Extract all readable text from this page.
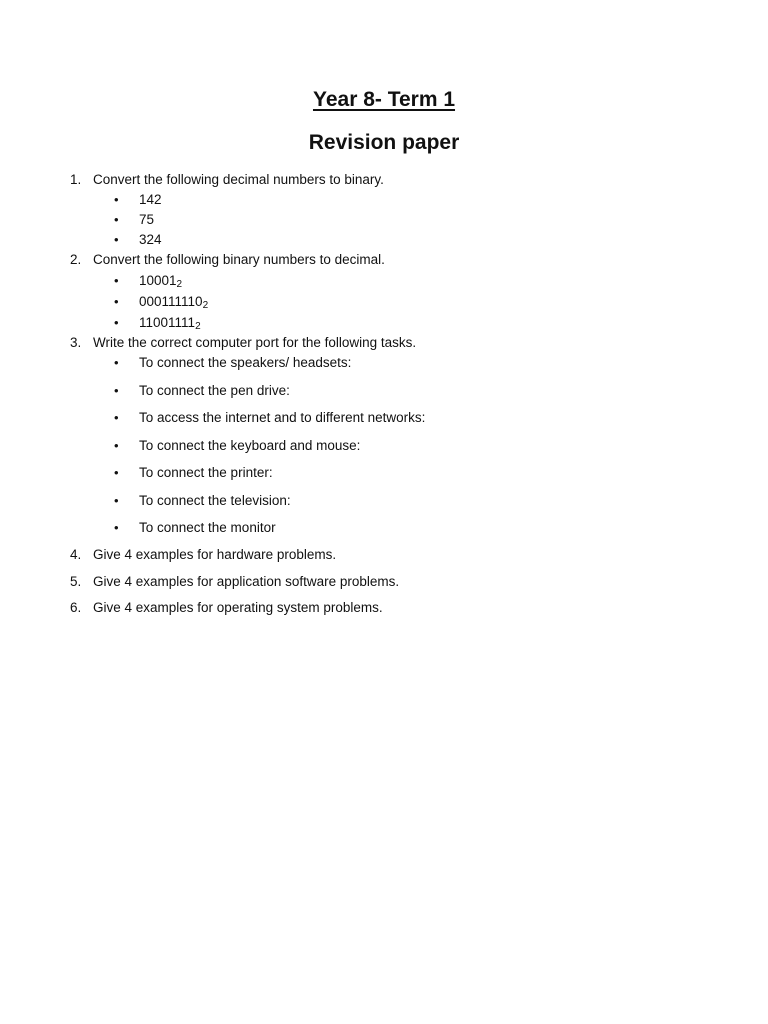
Year 8- Term 1
Revision paper
1. Convert the following decimal numbers to binary.
• 142
• 75
• 324
2. Convert the following binary numbers to decimal.
• $10001_2$
• $000111110_2$
• $11001111_2$
3. Write the correct computer port for the following tasks.
• To connect the speakers/ headsets:
• To connect the pen drive:
• To access the internet and to different networks:
• To connect the keyboard and mouse:
• To connect the printer:
• To connect the television:
• To connect the monitor
4. Give 4 examples for hardware problems.
5. Give 4 examples for application software problems.
6. Give 4 examples for operating system problems.
